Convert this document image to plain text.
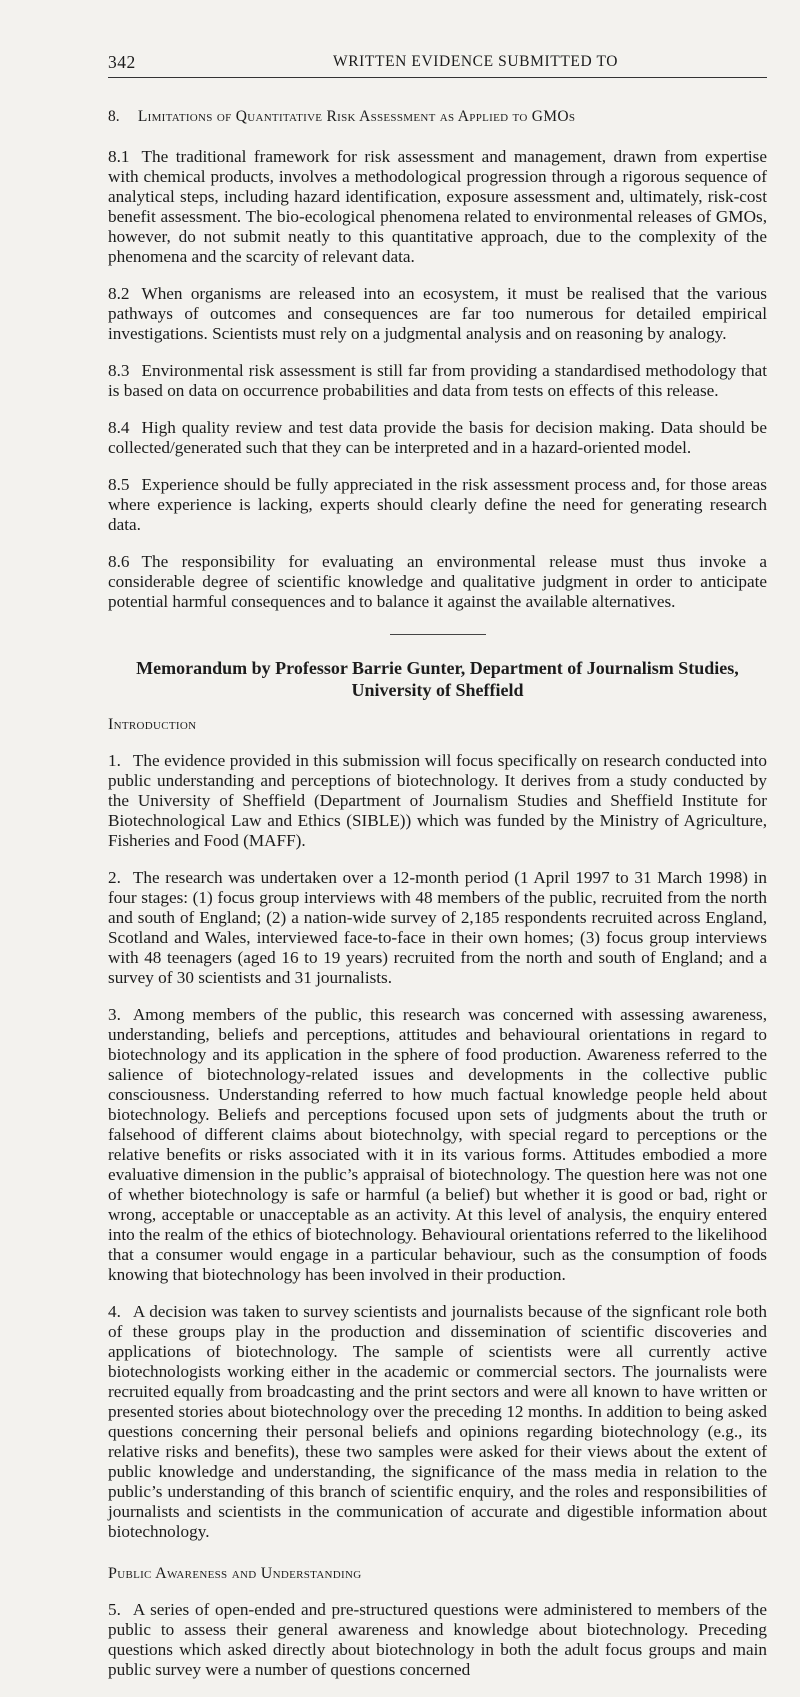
342	WRITTEN EVIDENCE SUBMITTED TO
8. Limitations of Quantitative Risk Assessment as Applied to GMOs

8.1 The traditional framework for risk assessment and management, drawn from expertise with chemical products, involves a methodological progression through a rigorous sequence of analytical steps, including hazard identification, exposure assessment and, ultimately, risk-cost benefit assessment. The bio-ecological phenomena related to environmental releases of GMOs, however, do not submit neatly to this quantitative approach, due to the complexity of the phenomena and the scarcity of relevant data.

8.2 When organisms are released into an ecosystem, it must be realised that the various pathways of outcomes and consequences are far too numerous for detailed empirical investigations. Scientists must rely on a judgmental analysis and on reasoning by analogy.

8.3 Environmental risk assessment is still far from providing a standardised methodology that is based on data on occurrence probabilities and data from tests on effects of this release.

8.4 High quality review and test data provide the basis for decision making. Data should be collected/generated such that they can be interpreted and in a hazard-oriented model.

8.5 Experience should be fully appreciated in the risk assessment process and, for those areas where experience is lacking, experts should clearly define the need for generating research data.

8.6 The responsibility for evaluating an environmental release must thus invoke a considerable degree of scientific knowledge and qualitative judgment in order to anticipate potential harmful consequences and to balance it against the available alternatives.

Memorandum by Professor Barrie Gunter, Department of Journalism Studies, University of Sheffield
Introduction

1. The evidence provided in this submission will focus specifically on research conducted into public understanding and perceptions of biotechnology. It derives from a study conducted by the University of Sheffield (Department of Journalism Studies and Sheffield Institute for Biotechnological Law and Ethics (SIBLE)) which was funded by the Ministry of Agriculture, Fisheries and Food (MAFF).

2. The research was undertaken over a 12-month period (1 April 1997 to 31 March 1998) in four stages: (1) focus group interviews with 48 members of the public, recruited from the north and south of England; (2) a nation-wide survey of 2,185 respondents recruited across England, Scotland and Wales, interviewed face-to-face in their own homes; (3) focus group interviews with 48 teenagers (aged 16 to 19 years) recruited from the north and south of England; and a survey of 30 scientists and 31 journalists.

3. Among members of the public, this research was concerned with assessing awareness, understanding, beliefs and perceptions, attitudes and behavioural orientations in regard to biotechnology and its application in the sphere of food production. Awareness referred to the salience of biotechnology-related issues and developments in the collective public consciousness. Understanding referred to how much factual knowledge people held about biotechnology. Beliefs and perceptions focused upon sets of judgments about the truth or falsehood of different claims about biotechnolgy, with special regard to perceptions or the relative benefits or risks associated with it in its various forms. Attitudes embodied a more evaluative dimension in the public’s appraisal of biotechnology. The question here was not one of whether biotechnology is safe or harmful (a belief) but whether it is good or bad, right or wrong, acceptable or unacceptable as an activity. At this level of analysis, the enquiry entered into the realm of the ethics of biotechnology. Behavioural orientations referred to the likelihood that a consumer would engage in a particular behaviour, such as the consumption of foods knowing that biotechnology has been involved in their production.

4. A decision was taken to survey scientists and journalists because of the signficant role both of these groups play in the production and dissemination of scientific discoveries and applications of biotechnology. The sample of scientists were all currently active biotechnologists working either in the academic or commercial sectors. The journalists were recruited equally from broadcasting and the print sectors and were all known to have written or presented stories about biotechnology over the preceding 12 months. In addition to being asked questions concerning their personal beliefs and opinions regarding biotechnology (e.g., its relative risks and benefits), these two samples were asked for their views about the extent of public knowledge and understanding, the significance of the mass media in relation to the public’s understanding of this branch of scientific enquiry, and the roles and responsibilities of journalists and scientists in the communication of accurate and digestible information about biotechnology.

Public Awareness and Understanding

5. A series of open-ended and pre-structured questions were administered to members of the public to assess their general awareness and knowledge about biotechnology. Preceding questions which asked directly about biotechnology in both the adult focus groups and main public survey were a number of questions concerned
